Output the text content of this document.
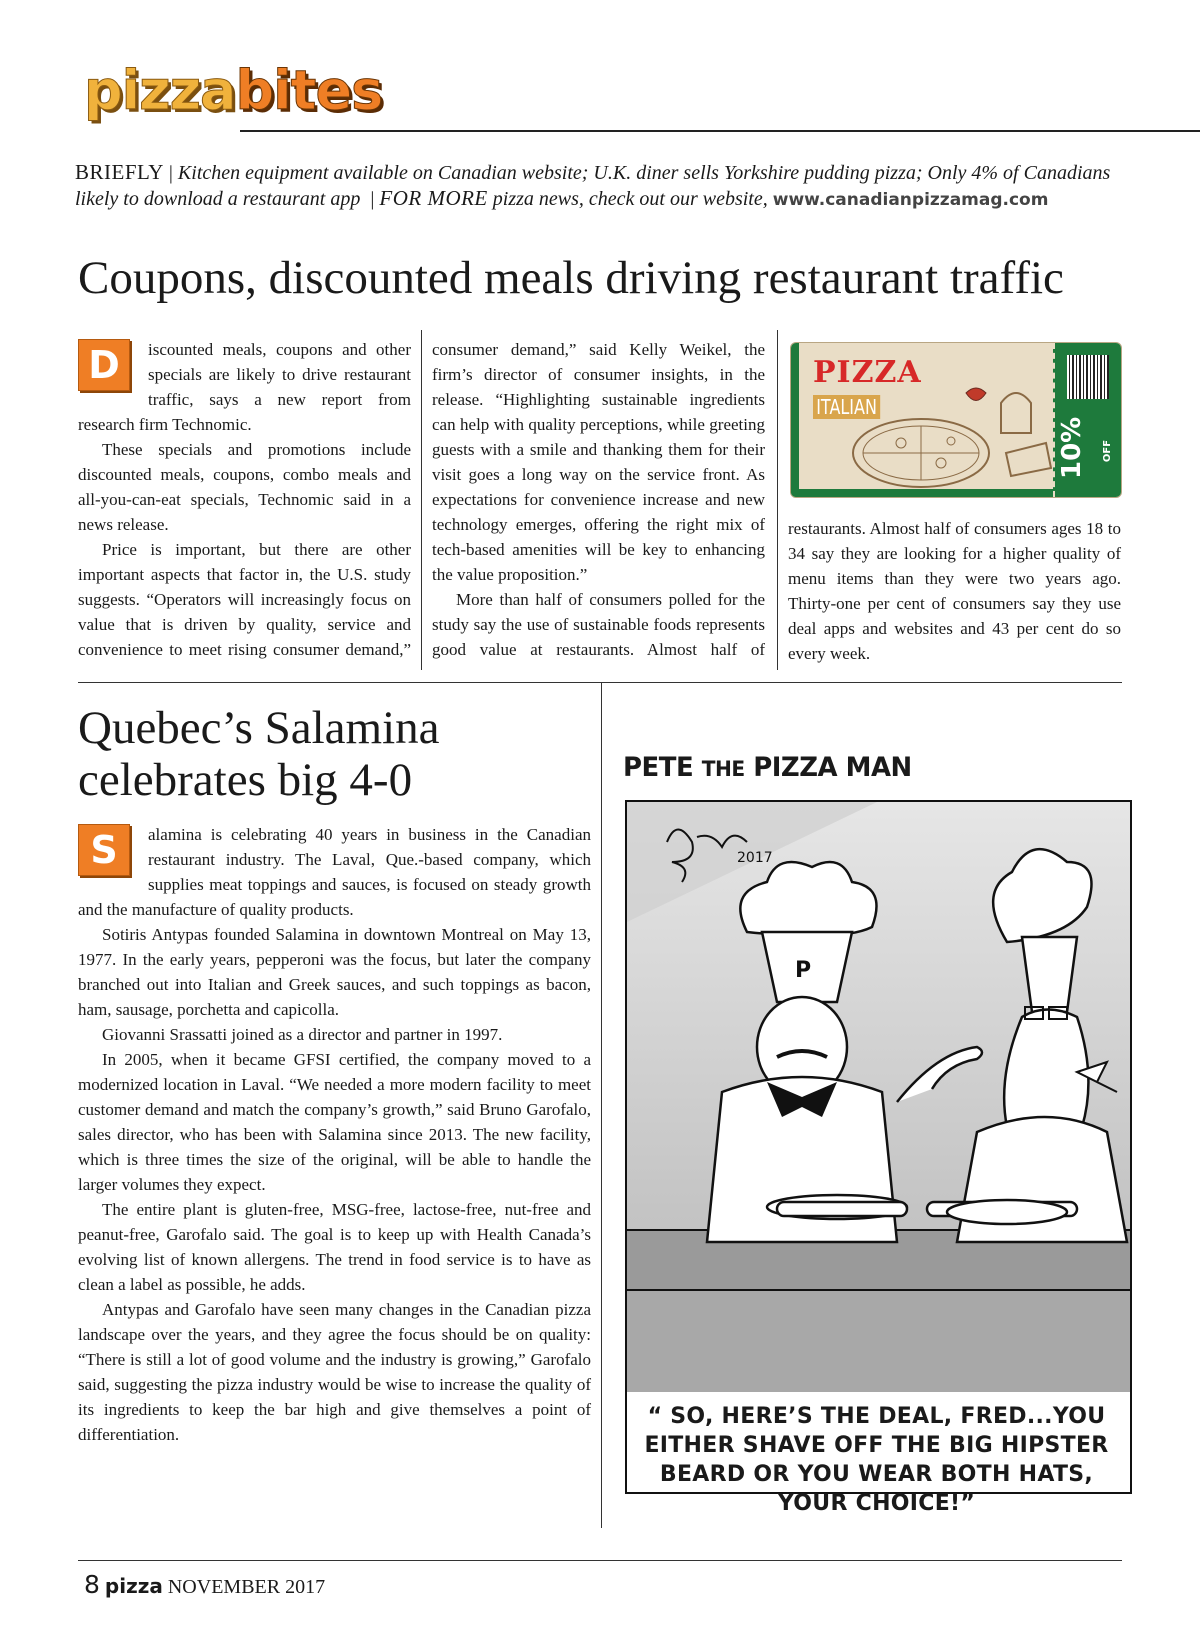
pizzabites
BRIEFLY | Kitchen equipment available on Canadian website; U.K. diner sells Yorkshire pudding pizza; Only 4% of Canadians likely to download a restaurant app  | FOR MORE pizza news, check out our website, www.canadianpizzamag.com
Coupons, discounted meals driving restaurant traffic

D	iscounted meals, coupons and other specials are likely to drive restaurant traffic, says a new report from research firm Technomic.

These specials and promotions include discounted meals, coupons, combo meals and all-you-can-eat specials, Technomic said in a news release.

Price is important, but there are other important aspects that factor in, the U.S. study suggests. “Operators will increasingly focus on value that is driven by quality, service and convenience to meet rising consumer demand,”

consumer demand,” said Kelly Weikel, the firm’s director of consumer insights, in the release. “Highlighting sustainable ingredients can help with quality perceptions, while greeting guests with a smile and thanking them for their visit goes a long way on the service front. As expectations for convenience increase and new technology emerges, offering the right mix of tech-based amenities will be key to enhancing the value proposition.”

More than half of consumers polled for the study say the use of sustainable foods represents good value at restaurants. Almost half of

PIZZA
ITALIAN
10% OFF

restaurants. Almost half of consumers ages 18 to 34 say they are looking for a higher quality of menu items than they were two years ago. Thirty-one per cent of consumers say they use deal apps and websites and 43 per cent do so every week.

Quebec’s Salamina
celebrates big 4-0

S	alamina is celebrating 40 years in business in the Canadian restaurant industry. The Laval, Que.-based company, which supplies meat toppings and sauces, is focused on steady growth and the manufacture of quality products.

Sotiris Antypas founded Salamina in downtown Montreal on May 13, 1977. In the early years, pepperoni was the focus, but later the company branched out into Italian and Greek sauces, and such toppings as bacon, ham, sausage, porchetta and capicolla.

Giovanni Srassatti joined as a director and partner in 1997.

In 2005, when it became GFSI certified, the company moved to a modernized location in Laval. “We needed a more modern facility to meet customer demand and match the company’s growth,” said Bruno Garofalo, sales director, who has been with Salamina since 2013. The new facility, which is three times the size of the original, will be able to handle the larger volumes they expect.

The entire plant is gluten-free, MSG-free, lactose-free, nut-free and peanut-free, Garofalo said. The goal is to keep up with Health Canada’s evolving list of known allergens. The trend in food service is to have as clean a label as possible, he adds.

Antypas and Garofalo have seen many changes in the Canadian pizza landscape over the years, and they agree the focus should be on quality: “There is still a lot of good volume and the industry is growing,” Garofalo said, suggesting the pizza industry would be wise to increase the quality of its ingredients to keep the bar high and give themselves a point of differentiation.

PETE THE PIZZA MAN
P
2017
“ SO, HERE’S THE DEAL, FRED...YOU EITHER SHAVE OFF THE BIG HIPSTER BEARD OR YOU WEAR BOTH HATS, YOUR CHOICE!”
8 pizza NOVEMBER 2017
